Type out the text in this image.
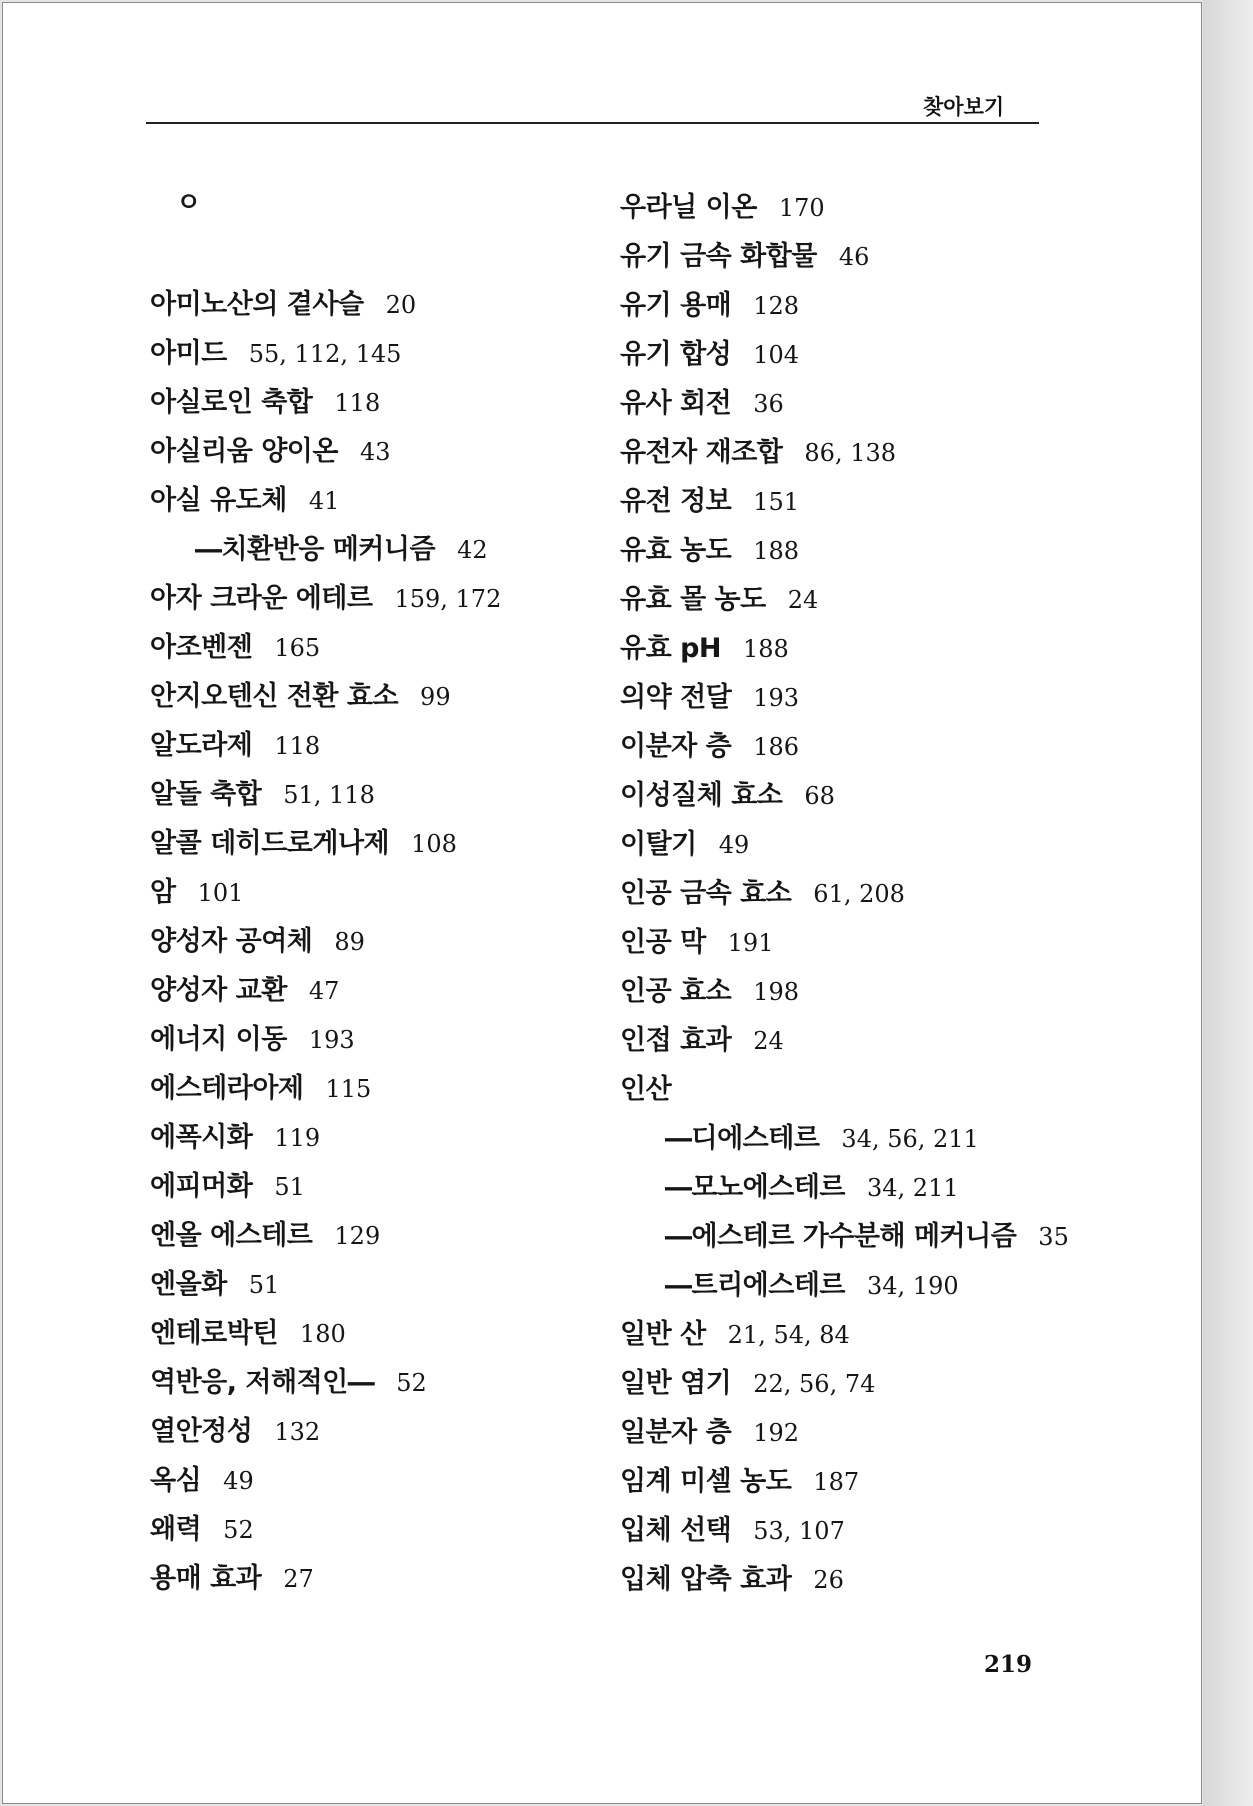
찾아보기
ㅇ
아미노산의 곁사슬 20
아미드 55, 112, 145
아실로인 축합 118
아실리움 양이온 43
아실 유도체 41
―치환반응 메커니즘 42
아자 크라운 에테르 159, 172
아조벤젠 165
안지오텐신 전환 효소 99
알도라제 118
알돌 축합 51, 118
알콜 데히드로게나제 108
암 101
양성자 공여체 89
양성자 교환 47
에너지 이동 193
에스테라아제 115
에폭시화 119
에피머화 51
엔올 에스테르 129
엔올화 51
엔테로박틴 180
역반응, 저해적인― 52
열안정성 132
옥심 49
왜력 52
용매 효과 27
우라닐 이온 170
유기 금속 화합물 46
유기 용매 128
유기 합성 104
유사 회전 36
유전자 재조합 86, 138
유전 정보 151
유효 농도 188
유효 몰 농도 24
유효 pH 188
의약 전달 193
이분자 층 186
이성질체 효소 68
이탈기 49
인공 금속 효소 61, 208
인공 막 191
인공 효소 198
인접 효과 24
인산
―디에스테르 34, 56, 211
―모노에스테르 34, 211
―에스테르 가수분해 메커니즘 35
―트리에스테르 34, 190
일반 산 21, 54, 84
일반 염기 22, 56, 74
일분자 층 192
임계 미셀 농도 187
입체 선택 53, 107
입체 압축 효과 26
219
